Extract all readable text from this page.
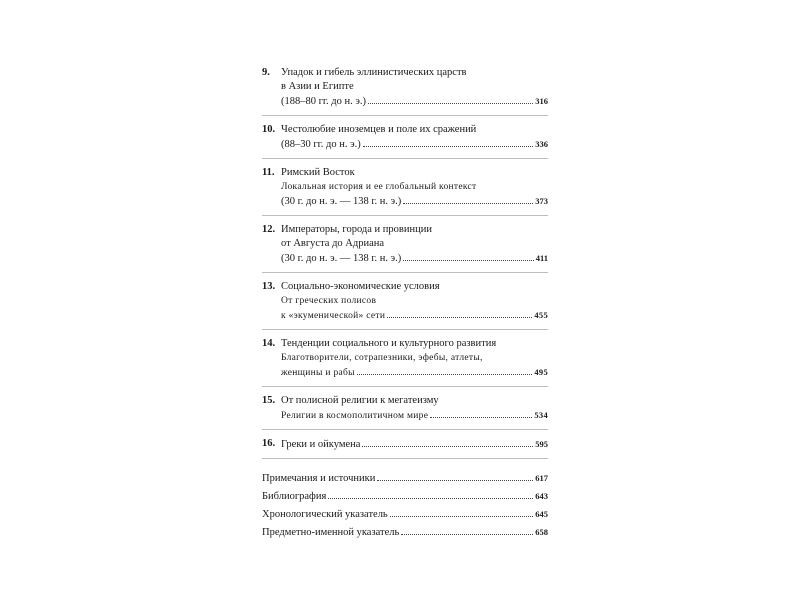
9.	Упадок и гибель эллинистических царств
в Азии и Египте
(188–80 гг. до н. э.)	316
10. Честолюбие иноземцев и поле их сражений
(88–30 гг. до н. э.)	336
11. Римский Восток
Локальная история и ее глобальный контекст
(30 г. до н. э. — 138 г. н. э.)	373
12. Императоры, города и провинции
от Августа до Адриана
(30 г. до н. э. — 138 г. н. э.)	411
13. Социально-экономические условия
От греческих полисов
к «экуменической» сети	455
14. Тенденции социального и культурного развития
Благотворители, сотрапезники, эфебы, атлеты,
женщины и рабы	495
15. От полисной религии к мегатеизму
Религии в космополитичном мире	534
16. Греки и ойкумена	595
Примечания и источники	617
Библиография	643
Хронологический указатель	645
Предметно-именной указатель	658
